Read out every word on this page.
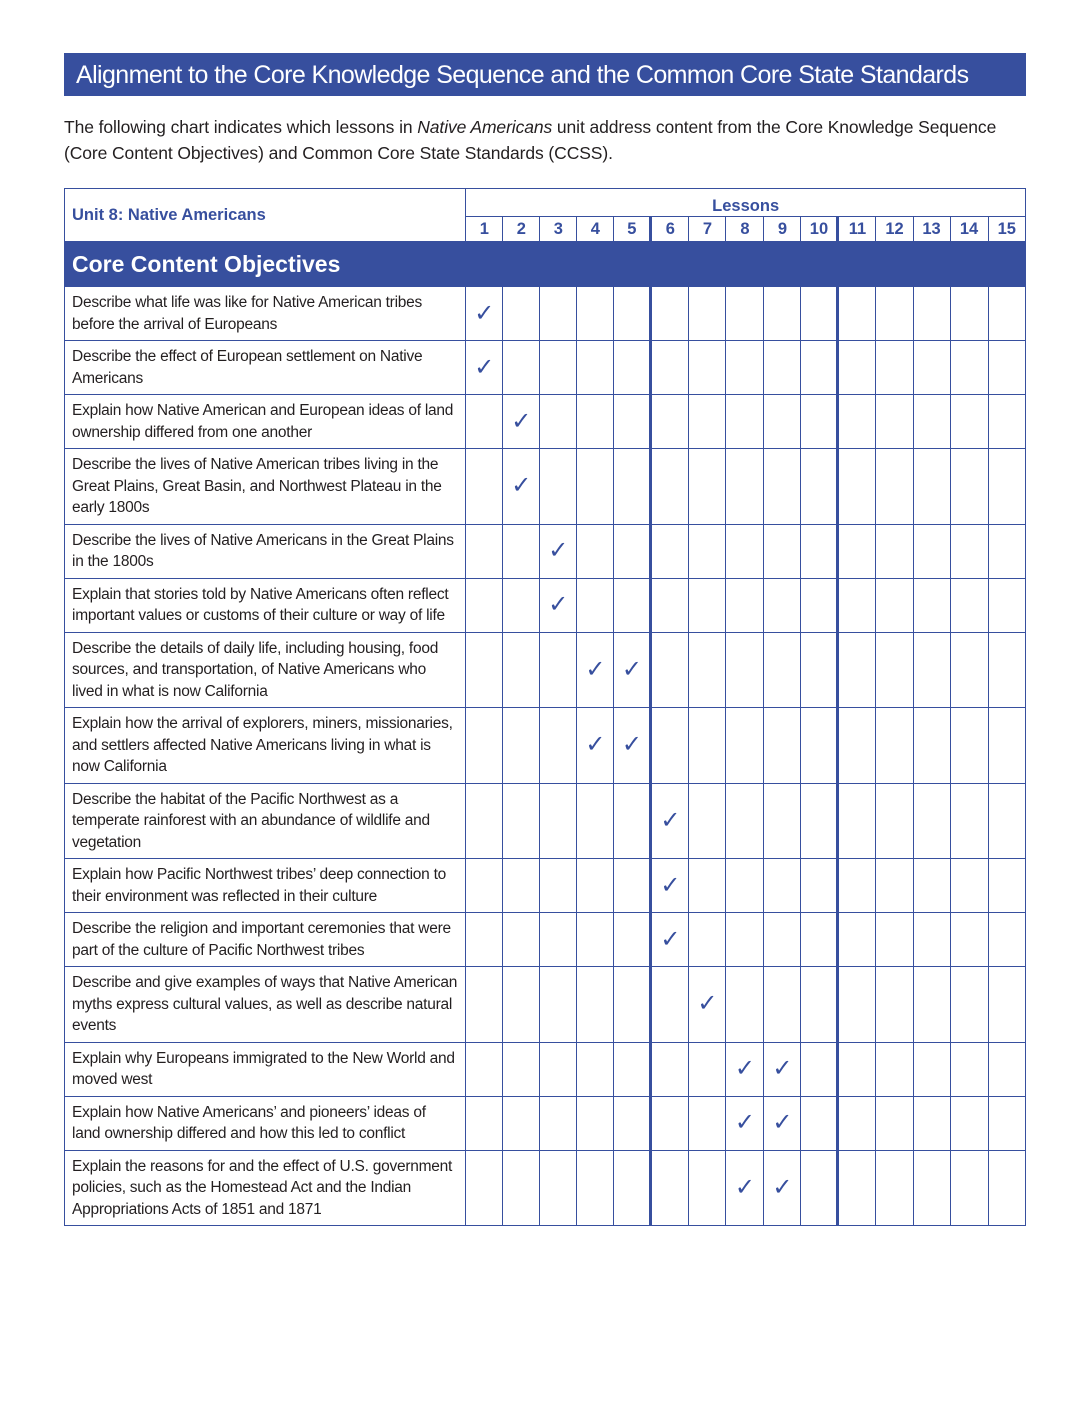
Alignment to the Core Knowledge Sequence and the Common Core State Standards

The following chart indicates which lessons in Native Americans unit address content from the Core Knowledge Sequence (Core Content Objectives) and Common Core State Standards (CCSS).

Unit 8: Native Americans	Lessons														
	1	2	3	4	5	6	7	8	9	10	11	12	13	14	15
Core Content Objectives															
Describe what life was like for Native American tribes before the arrival of Europeans	✓														
Describe the effect of European settlement on Native Americans	✓														
Explain how Native American and European ideas of land ownership differed from one another		✓													
Describe the lives of Native American tribes living in the Great Plains, Great Basin, and Northwest Plateau in the early 1800s		✓													
Describe the lives of Native Americans in the Great Plains in the 1800s			✓												
Explain that stories told by Native Americans often reflect important values or customs of their culture or way of life			✓												
Describe the details of daily life, including housing, food sources, and transportation, of Native Americans who lived in what is now California				✓	✓										
Explain how the arrival of explorers, miners, missionaries, and settlers affected Native Americans living in what is now California				✓	✓										
Describe the habitat of the Pacific Northwest as a temperate rainforest with an abundance of wildlife and vegetation						✓									
Explain how Pacific Northwest tribes’ deep connection to their environment was reflected in their culture						✓									
Describe the religion and important ceremonies that were part of the culture of Pacific Northwest tribes						✓									
Describe and give examples of ways that Native American myths express cultural values, as well as describe natural events							✓								
Explain why Europeans immigrated to the New World and moved west								✓	✓						
Explain how Native Americans’ and pioneers’ ideas of land ownership differed and how this led to conflict								✓	✓						
Explain the reasons for and the effect of U.S. government policies, such as the Homestead Act and the Indian Appropriations Acts of 1851 and 1871								✓	✓						
